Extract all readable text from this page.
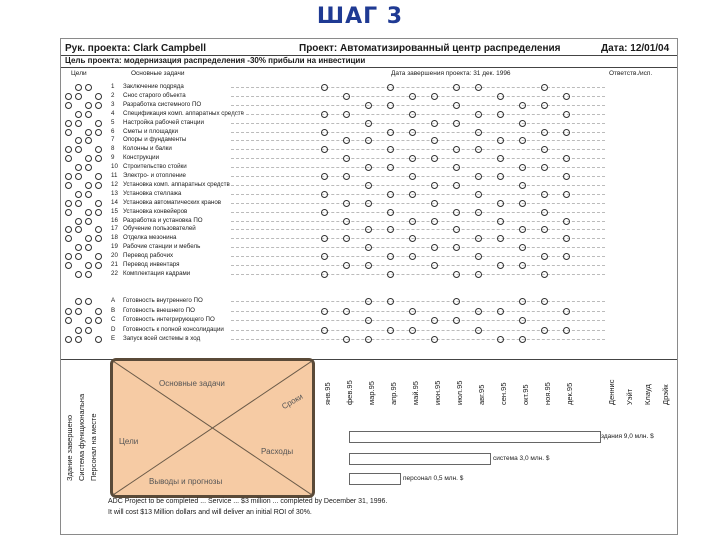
ШАГ 3
Рук. проекта: Clark Campbell	Проект: Автоматизированный центр распределения	Дата: 12/01/04
Цель проекта: модернизация распределения -30% прибыли на инвестиции
Цели	Основные задачи	Дата завершения проекта: 31 дек. 1996	Ответств./исп.
1	Заключение подряда
2	Снос старого объекта
3	Разработка системного ПО
4	Спецификация комп. аппаратных средств
5	Настройка рабочей станции
6	Сметы и площадки
7	Опоры и фундаменты
8	Колонны и балки
9	Конструкции
10 Строительство стойки
11 Электро- и отопление
12 Установка комп. аппаратных средств
13 Установка стеллажа
14 Установка автоматических кранов
15 Установка конвейеров
16 Разработка и установка ПО
17 Обучение пользователей
18 Отделка мезонина
19 Рабочие станции и мебель
20 Перевод рабочих
21 Перевод инвентаря
22 Комплектация кадрами
A	Готовность внутреннего ПО
B	Готовность внешнего ПО
C	Готовность интегрирующего ПО
D	Готовность к полной консолидации
E	Запуск всей системы в ход
Здание завершено Система функциональна Персонал на месте
Основные задачи
Сроки
Цели
Расходы
Выводы и прогнозы
янв.95 фев.95 мар.95 апр.95 май.95 июн.95 июл.95 авг.95 сен.95 окт.95 ноя.95 дек.95	Деннис Уэйт Клауд Дрэйк
здания 9,0 млн. $
система 3,0 млн. $
персонал 0,5 млн. $
ADC Project to be completed ... Service ... $3 million ... completed by December 31, 1996.
It will cost $13 Million dollars and will deliver an initial ROI of 30%.
